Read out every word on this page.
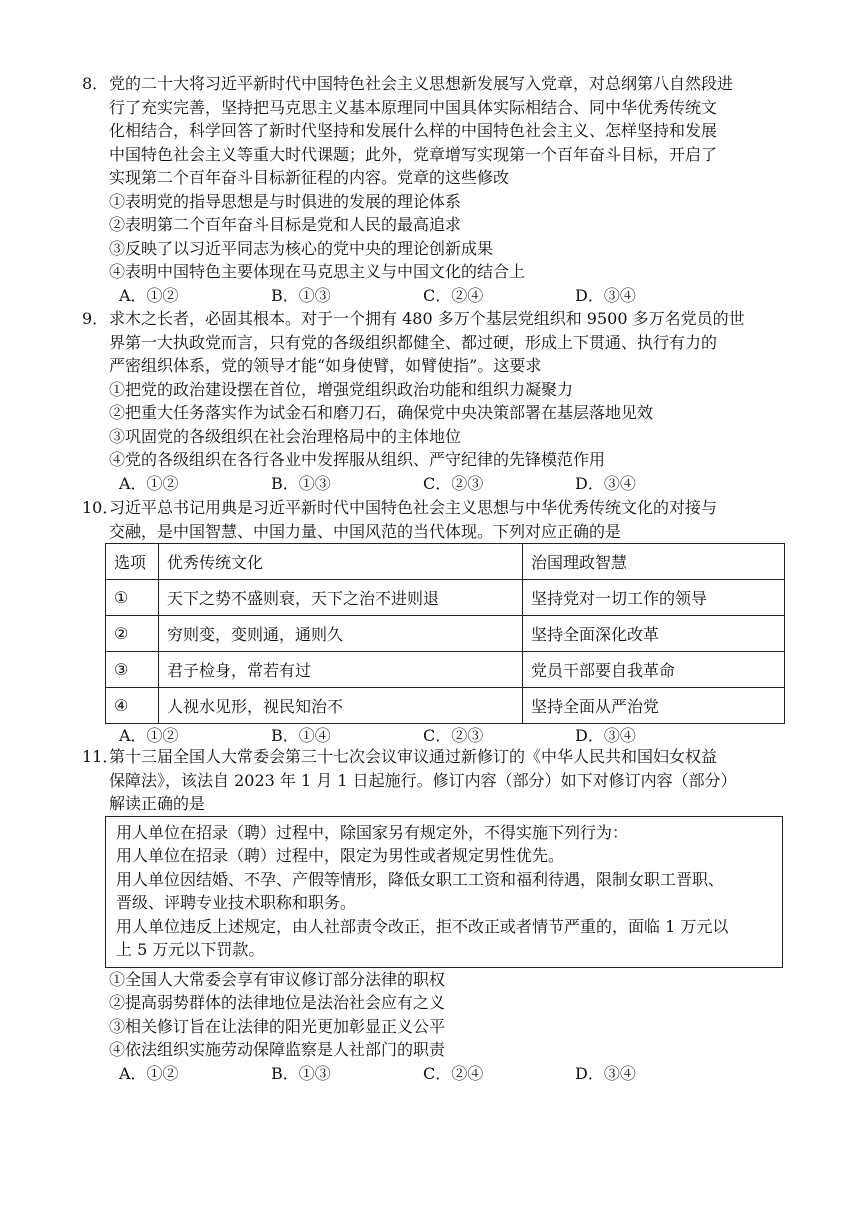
8． 党的二十大将习近平新时代中国特色社会主义思想新发展写入党章，对总纲第八自然段进
行了充实完善，坚持把马克思主义基本原理同中国具体实际相结合、同中华优秀传统文
化相结合，科学回答了新时代坚持和发展什么样的中国特色社会主义、怎样坚持和发展
中国特色社会主义等重大时代课题；此外，党章增写实现第一个百年奋斗目标，开启了
实现第二个百年奋斗目标新征程的内容。党章的这些修改
①表明党的指导思想是与时俱进的发展的理论体系
②表明第二个百年奋斗目标是党和人民的最高追求
③反映了以习近平同志为核心的党中央的理论创新成果
④表明中国特色主要体现在马克思主义与中国文化的结合上
A．①②	B．①③	C．②④	D．③④
9． 求木之长者，必固其根本。对于一个拥有 480 多万个基层党组织和 9500 多万名党员的世
界第一大执政党而言，只有党的各级组织都健全、都过硬，形成上下贯通、执行有力的
严密组织体系，党的领导才能“如身使臂，如臂使指”。这要求
①把党的政治建设摆在首位，增强党组织政治功能和组织力凝聚力
②把重大任务落实作为试金石和磨刀石，确保党中央决策部署在基层落地见效
③巩固党的各级组织在社会治理格局中的主体地位
④党的各级组织在各行各业中发挥服从组织、严守纪律的先锋模范作用
A．①②	B．①③	C．②③	D．③④
10．
习近平总书记用典是习近平新时代中国特色社会主义思想与中华优秀传统文化的对接与
交融，是中国智慧、中国力量、中国风范的当代体现。下列对应正确的是
选项	优秀传统文化	治国理政智慧
①	天下之势不盛则衰，天下之治不进则退	坚持党对一切工作的领导
②	穷则变，变则通，通则久	坚持全面深化改革
③	君子检身，常若有过	党员干部要自我革命
④	人视水见形，视民知治不	坚持全面从严治党
A．①②	B．①④	C．②③	D．③④
11．
第十三届全国人大常委会第三十七次会议审议通过新修订的《中华人民共和国妇女权益
保障法》，该法自 2023 年 1 月 1 日起施行。修订内容（部分）如下对修订内容（部分）
解读正确的是
用人单位在招录（聘）过程中，除国家另有规定外，不得实施下列行为：
用人单位在招录（聘）过程中，限定为男性或者规定男性优先。
用人单位因结婚、不孕、产假等情形，降低女职工工资和福利待遇，限制女职工晋职、
晋级、评聘专业技术职称和职务。
用人单位违反上述规定，由人社部责令改正，拒不改正或者情节严重的，面临 1 万元以
上 5 万元以下罚款。
①全国人大常委会享有审议修订部分法律的职权
②提高弱势群体的法律地位是法治社会应有之义
③相关修订旨在让法律的阳光更加彰显正义公平
④依法组织实施劳动保障监察是人社部门的职责
A．①②	B．①③	C．②④	D．③④
